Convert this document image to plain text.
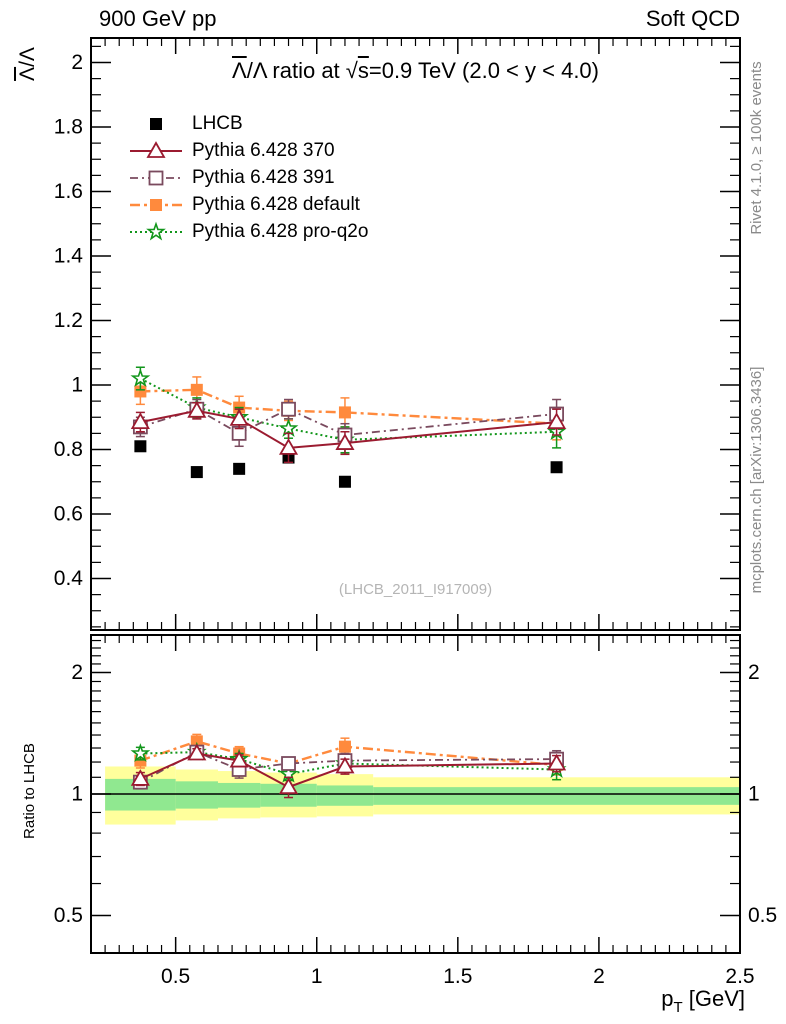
0.4
0.6
0.8
1
1.2
1.4
1.6
1.8
2
0.5	0.5
1	1
2	2
0.5	1	1.5	2	2.5
900 GeV pp	Soft QCD
$\overline{\Lambda}/\Lambda$ ratio at √s=0.9 TeV (2.0 < y < 4.0)
$\overline{\Lambda}/\Lambda$
Ratio to LHCB
Rivet 4.1.0, ≥ 100k events
mcplots.cern.ch [arXiv:1306.3436]
(LHCB_2011_I917009)
$p_T$ [GeV]
LHCB
Pythia 6.428 370
Pythia 6.428 391
Pythia 6.428 default
Pythia 6.428 pro-q2o
